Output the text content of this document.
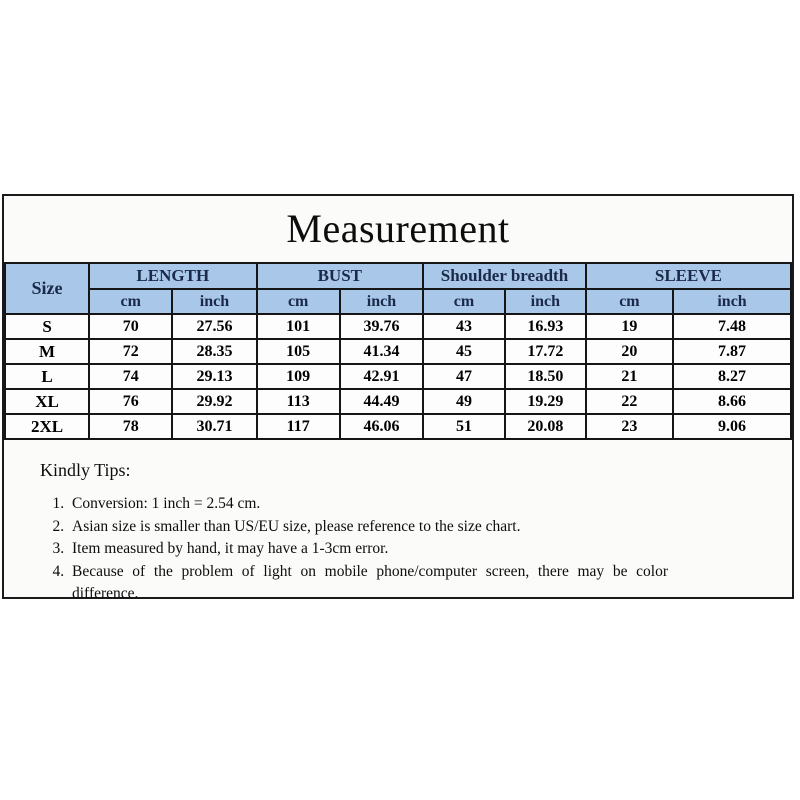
Measurement
Size	LENGTH		BUST		Shoulder breadth		SLEEVE	
	cm	inch	cm	inch	cm	inch	cm	inch
S	70	27.56	101	39.76	43	16.93	19	7.48
M	72	28.35	105	41.34	45	17.72	20	7.87
L	74	29.13	109	42.91	47	18.50	21	8.27
XL	76	29.92	113	44.49	49	19.29	22	8.66
2XL	78	30.71	117	46.06	51	20.08	23	9.06

Kindly Tips:

1. Conversion: 1 inch = 2.54 cm.
2. Asian size is smaller than US/EU size, please reference to the size chart.
3. Item measured by hand, it may have a 1-3cm error.
4. Because of the problem of light on mobile phone/computer screen, there may be color difference.
